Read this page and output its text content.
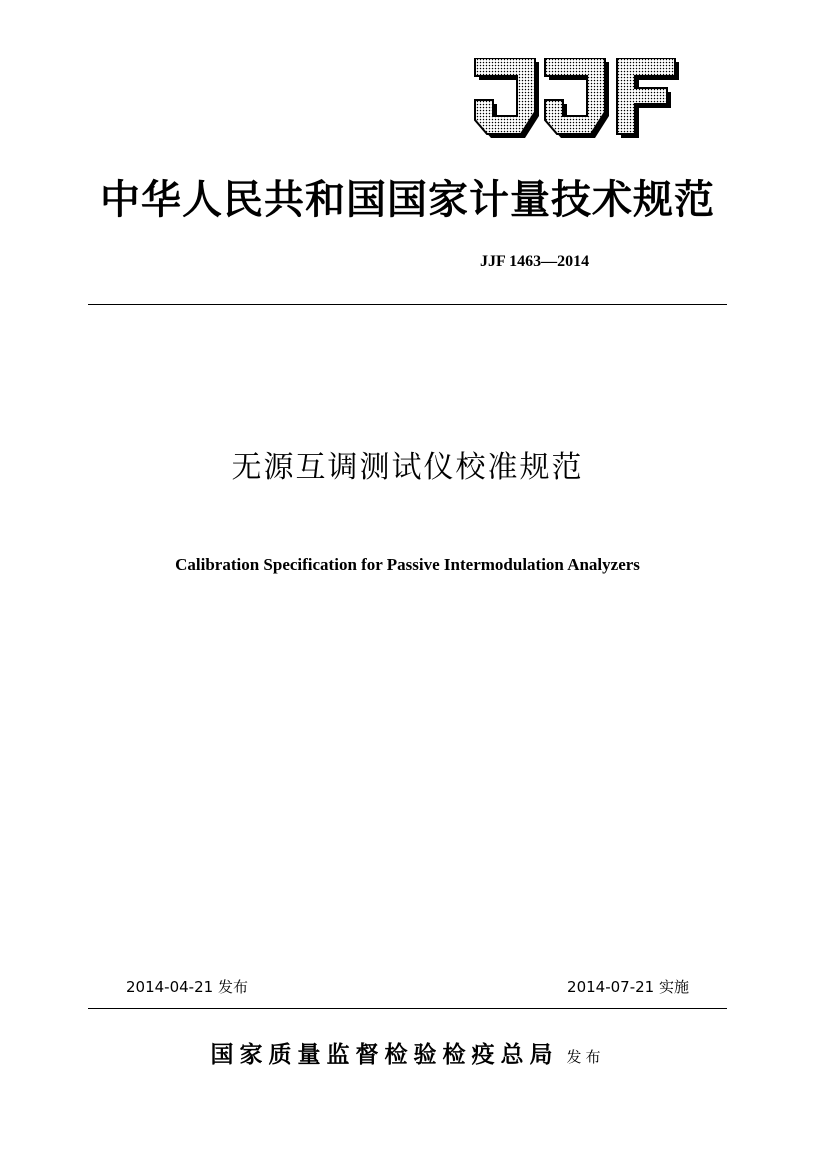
中华人民共和国国家计量技术规范
JJF 1463—2014
无源互调测试仪校准规范
Calibration Specification for Passive Intermodulation Analyzers
2014-04-21 发布	2014-07-21 实施
国家质量监督检验检疫总局 发布
